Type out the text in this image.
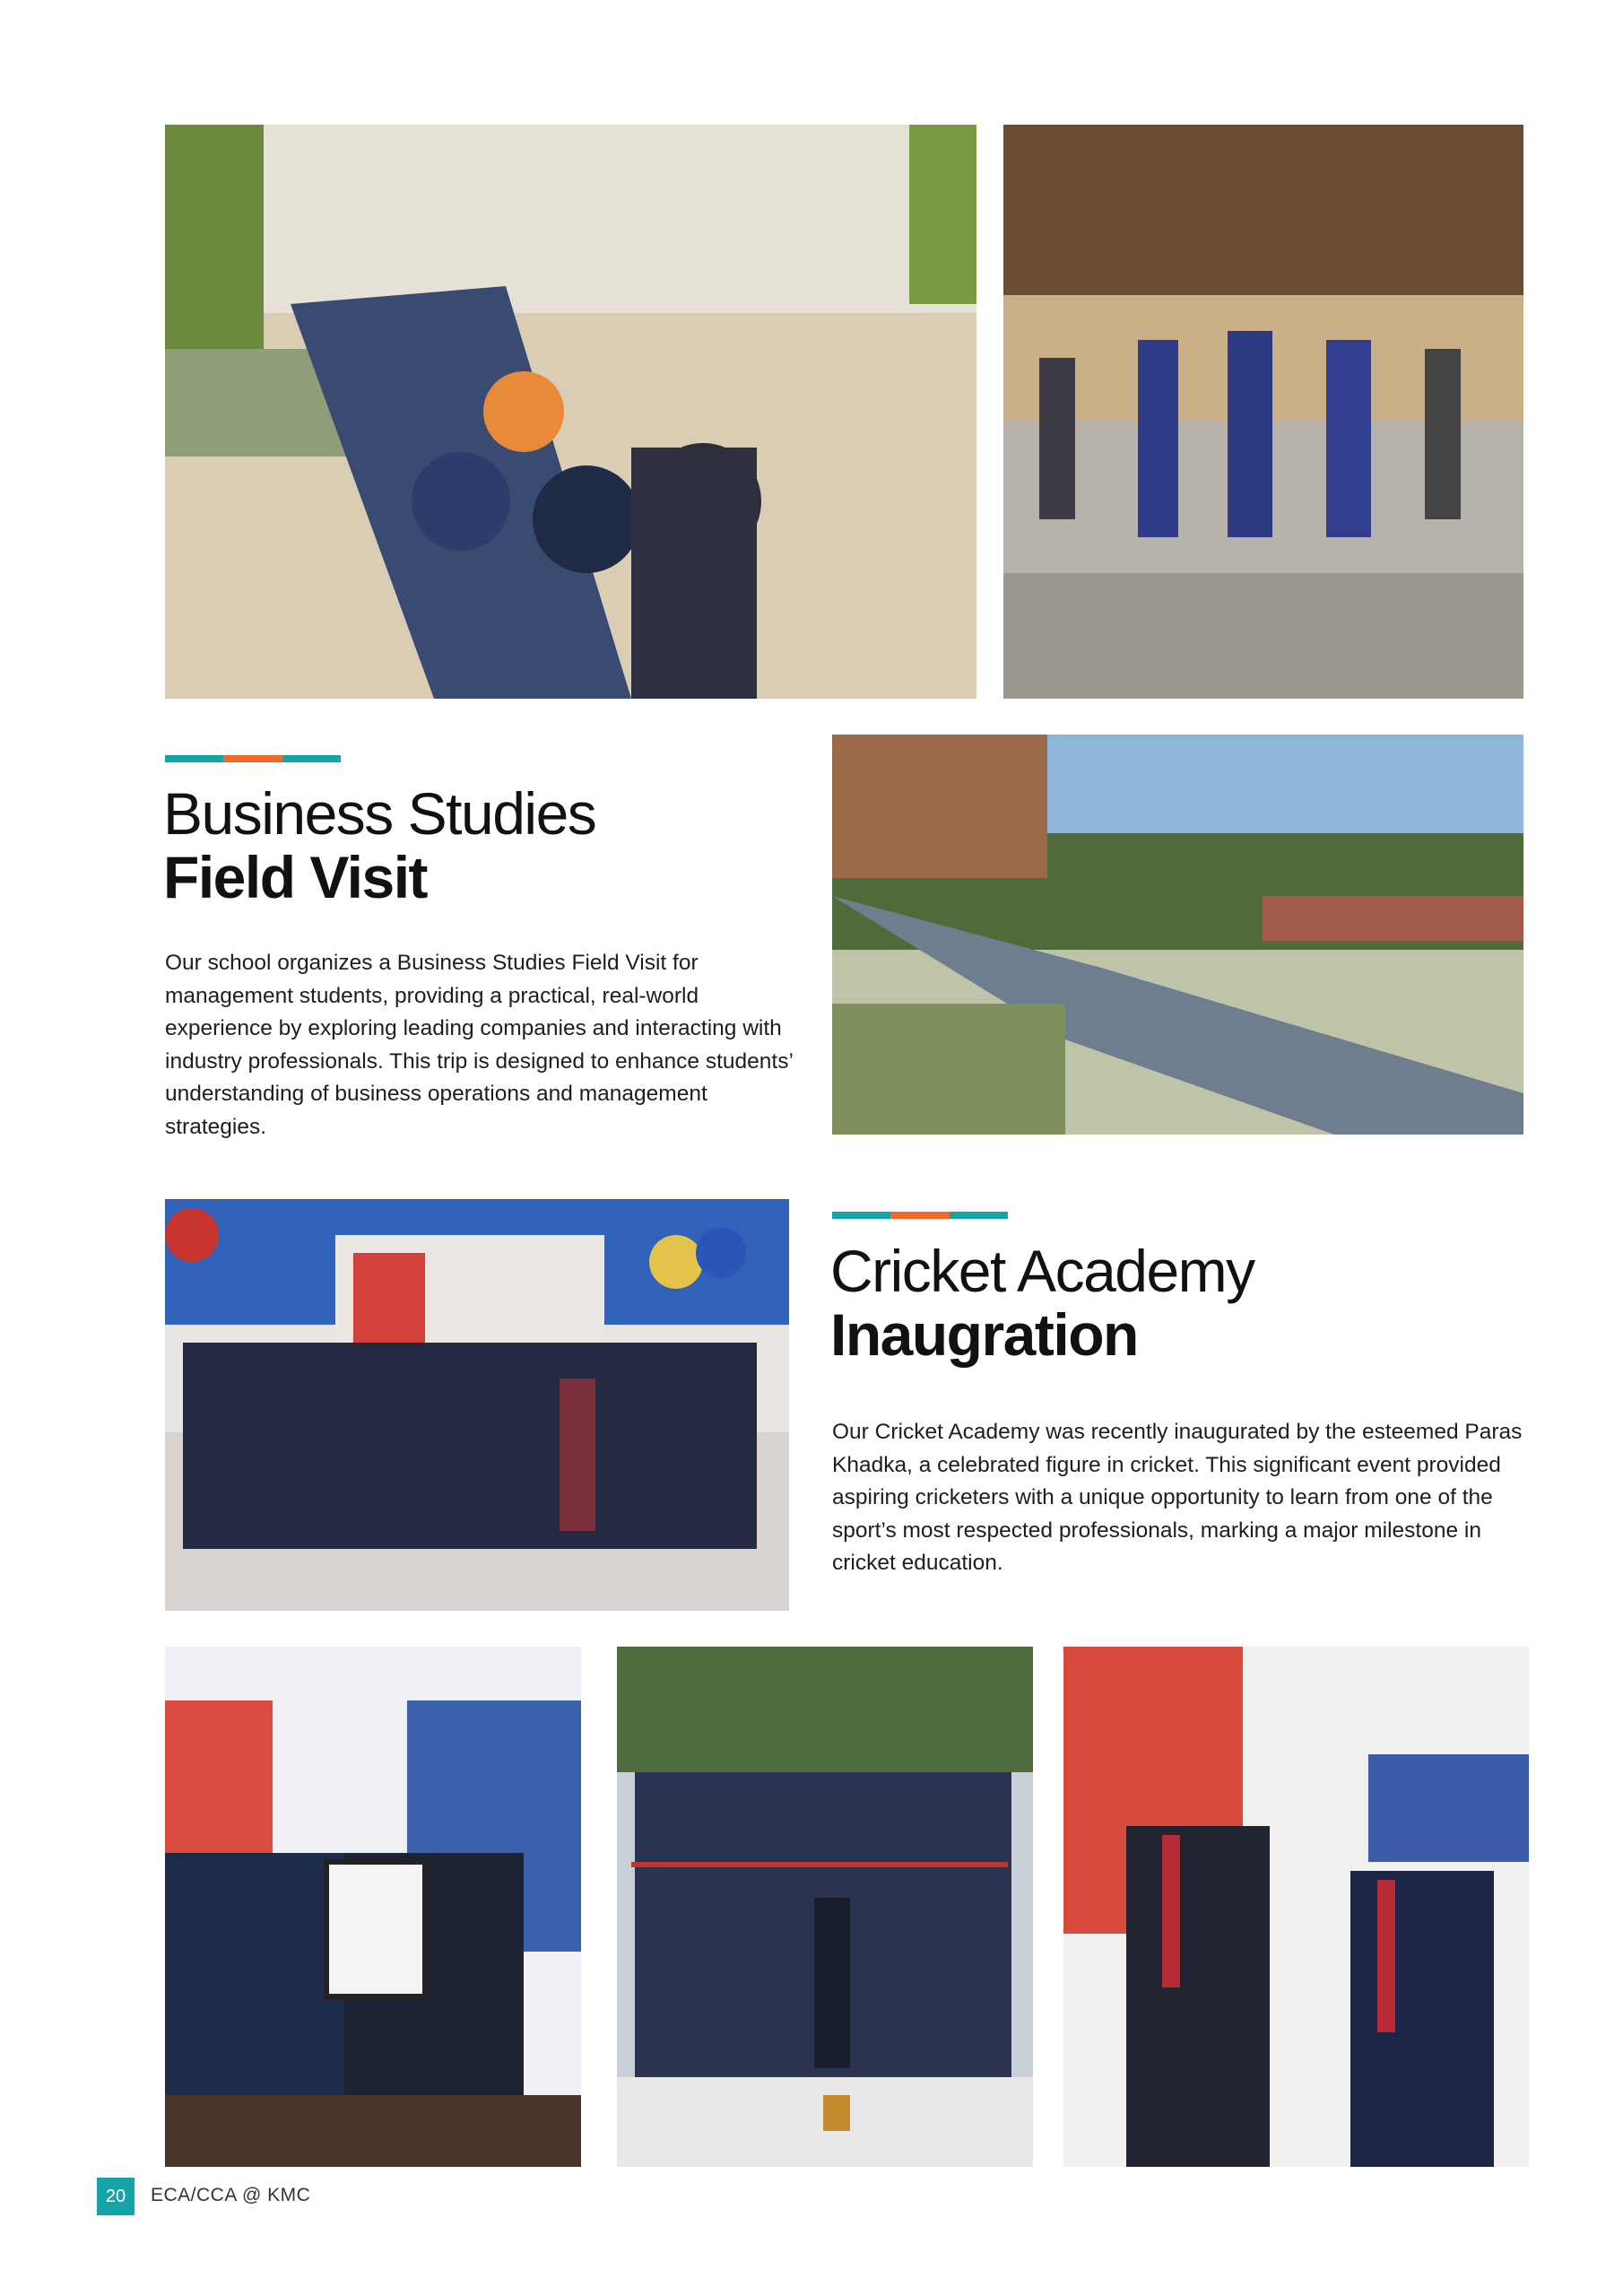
Business Studies
Field Visit

Our school organizes a Business Studies Field Visit for management students, providing a practical, real-world experience by exploring leading companies and interacting with industry professionals. This trip is designed to enhance students’ understanding of business operations and management strategies.

Cricket Academy
Inaugration

Our Cricket Academy was recently inaugurated by the esteemed Paras Khadka, a celebrated figure in cricket. This significant event provided aspiring cricketers with a unique opportunity to learn from one of the sport’s most respected professionals, marking a major milestone in cricket education.

20	ECA/CCA @ KMC
